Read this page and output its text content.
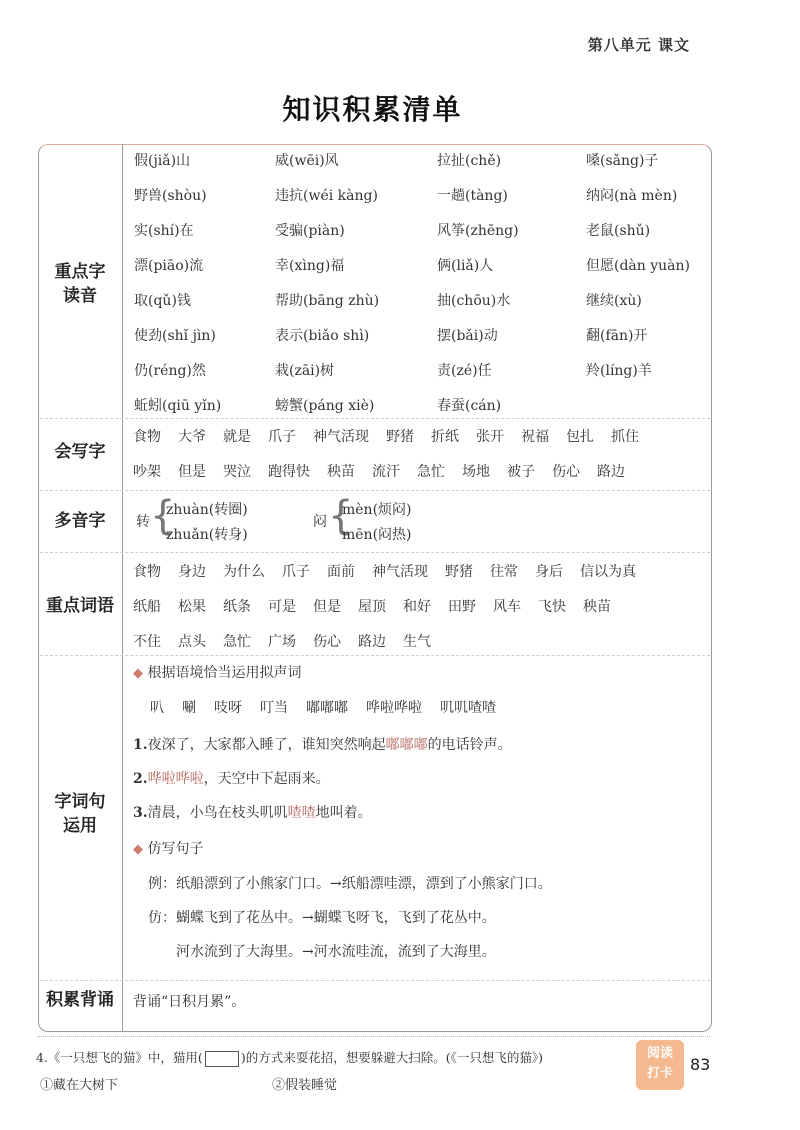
第八单元 课文
知识积累清单
重点字
读音
假(jiǎ)山	威(wēi)风	拉扯(chě)	嗓(sǎng)子
野兽(shòu)	违抗(wéi kàng)	一趟(tàng)	纳闷(nà mèn)
实(shí)在	受骗(piàn)	风筝(zhēng)	老鼠(shǔ)
漂(piāo)流	幸(xìng)福	俩(liǎ)人	但愿(dàn yuàn)
取(qǔ)钱	帮助(bāng zhù)	抽(chōu)水	继续(xù)
使劲(shǐ jìn)	表示(biǎo shì)	摆(bǎi)动	翻(fān)开
仍(réng)然	栽(zāi)树	责(zé)任	羚(líng)羊
蚯蚓(qiū yǐn)	螃蟹(páng xiè)	春蚕(cán)
会写字
食物 大爷 就是 爪子 神气活现 野猪 折纸 张开 祝福 包扎 抓住
吵架 但是 哭泣 跑得快 秧苗 流汗 急忙 场地 被子 伤心 路边
多音字	转 {
zhuàn(转圈)
zhuǎn(转身)
闷 {
mèn(烦闷)
mēn(闷热)
重点词语
食物 身边 为什么 爪子 面前 神气活现 野猪 往常 身后 信以为真
纸船 松果 纸条 可是 但是 屋顶 和好 田野 风车 飞快 秧苗
不住 点头 急忙 广场 伤心 路边 生气
字词句
运用
◆ 根据语境恰当运用拟声词
叭 唰 吱呀 叮当 嘟嘟嘟 哗啦哗啦 叽叽喳喳
1.夜深了，大家都入睡了，谁知突然响起嘟嘟嘟的电话铃声。
2.哗啦哗啦，天空中下起雨来。
3.清晨，小鸟在枝头叽叽喳喳地叫着。
◆ 仿写句子
例：纸船漂到了小熊家门口。→纸船漂哇漂，漂到了小熊家门口。
仿：蝴蝶飞到了花丛中。→蝴蝶飞呀飞，飞到了花丛中。
河水流到了大海里。→河水流哇流，流到了大海里。
积累背诵	背诵“日积月累”。
4.《一只想飞的猫》中，猫用(	)的方式来耍花招，想要躲避大扫除。(《一只想飞的猫》)
①藏在大树下	②假装睡觉
阅读
打卡	83
